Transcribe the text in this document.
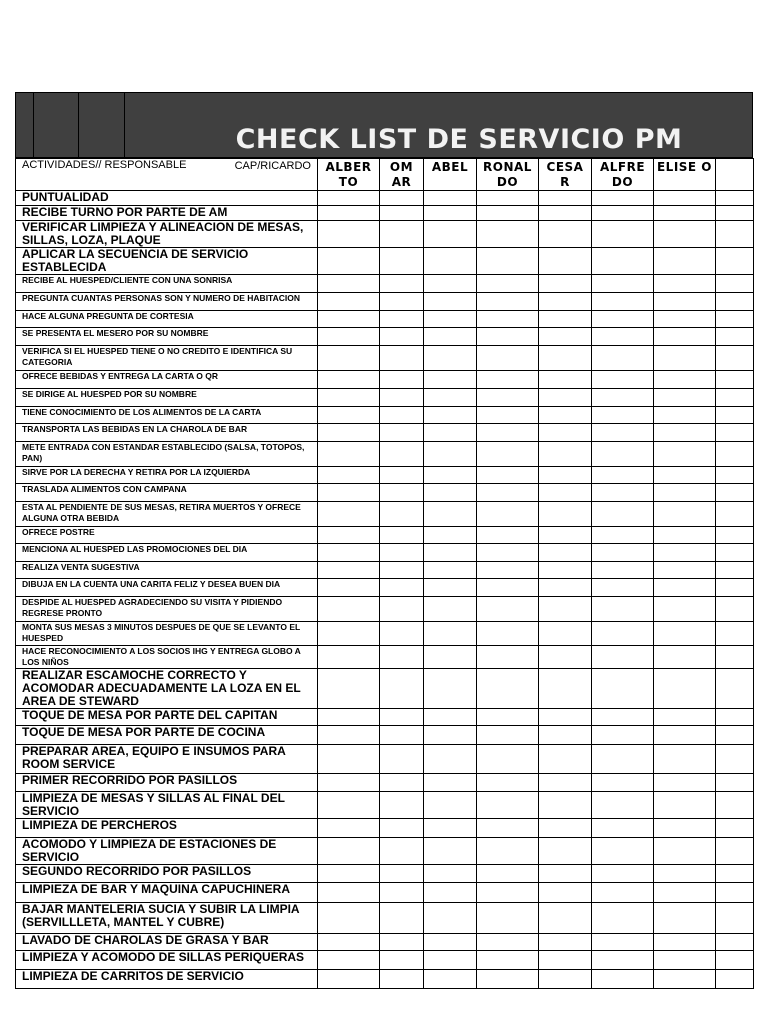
CHECK LIST DE SERVICIO PM
ACTIVIDADES// RESPONSABLE CAP/RICARDO	ALBER TO	OM AR	ABEL	RONAL DO	CESA R	ALFRE DO	ELISE O	
PUNTUALIDAD								
RECIBE TURNO POR PARTE DE AM								
VERIFICAR LIMPIEZA Y ALINEACION DE MESAS, SILLAS, LOZA, PLAQUE								
APLICAR LA SECUENCIA DE SERVICIO ESTABLECIDA								
RECIBE AL HUESPED/CLIENTE CON UNA SONRISA								
PREGUNTA CUANTAS PERSONAS SON Y NUMERO DE HABITACION								
HACE ALGUNA PREGUNTA DE CORTESIA								
SE PRESENTA EL MESERO POR SU NOMBRE								
VERIFICA SI EL HUESPED TIENE O NO CREDITO E IDENTIFICA SU CATEGORIA								
OFRECE BEBIDAS Y ENTREGA LA CARTA O QR								
SE DIRIGE AL HUESPED POR SU NOMBRE								
TIENE CONOCIMIENTO DE LOS ALIMENTOS DE LA CARTA								
TRANSPORTA LAS BEBIDAS EN LA CHAROLA DE BAR								
METE ENTRADA CON ESTANDAR ESTABLECIDO (SALSA, TOTOPOS, PAN)								
SIRVE POR LA DERECHA Y RETIRA POR LA IZQUIERDA								
TRASLADA ALIMENTOS CON CAMPANA								
ESTA AL PENDIENTE DE SUS MESAS, RETIRA MUERTOS Y OFRECE ALGUNA OTRA BEBIDA								
OFRECE POSTRE								
MENCIONA AL HUESPED LAS PROMOCIONES DEL DIA								
REALIZA VENTA SUGESTIVA								
DIBUJA EN LA CUENTA UNA CARITA FELIZ Y DESEA BUEN DIA								
DESPIDE AL HUESPED AGRADECIENDO SU VISITA Y PIDIENDO REGRESE PRONTO								
MONTA SUS MESAS 3 MINUTOS DESPUES DE QUE SE LEVANTO EL HUESPED								
HACE RECONOCIMIENTO A LOS SOCIOS IHG Y ENTREGA GLOBO A LOS NIÑOS								
REALIZAR ESCAMOCHE CORRECTO Y ACOMODAR ADECUADAMENTE LA LOZA EN EL AREA DE STEWARD								
TOQUE DE MESA POR PARTE DEL CAPITAN								
TOQUE DE MESA POR PARTE DE COCINA								
PREPARAR AREA, EQUIPO E INSUMOS PARA ROOM SERVICE								
PRIMER RECORRIDO POR PASILLOS								
LIMPIEZA DE MESAS Y SILLAS AL FINAL DEL SERVICIO								
LIMPIEZA DE PERCHEROS								
ACOMODO Y LIMPIEZA DE ESTACIONES DE SERVICIO								
SEGUNDO RECORRIDO POR PASILLOS								
LIMPIEZA DE BAR Y MAQUINA CAPUCHINERA								
BAJAR MANTELERIA SUCIA Y SUBIR LA LIMPIA (SERVILLLETA, MANTEL Y CUBRE)								
LAVADO DE CHAROLAS DE GRASA Y BAR								
LIMPIEZA Y ACOMODO DE SILLAS PERIQUERAS								
LIMPIEZA DE CARRITOS DE SERVICIO								
